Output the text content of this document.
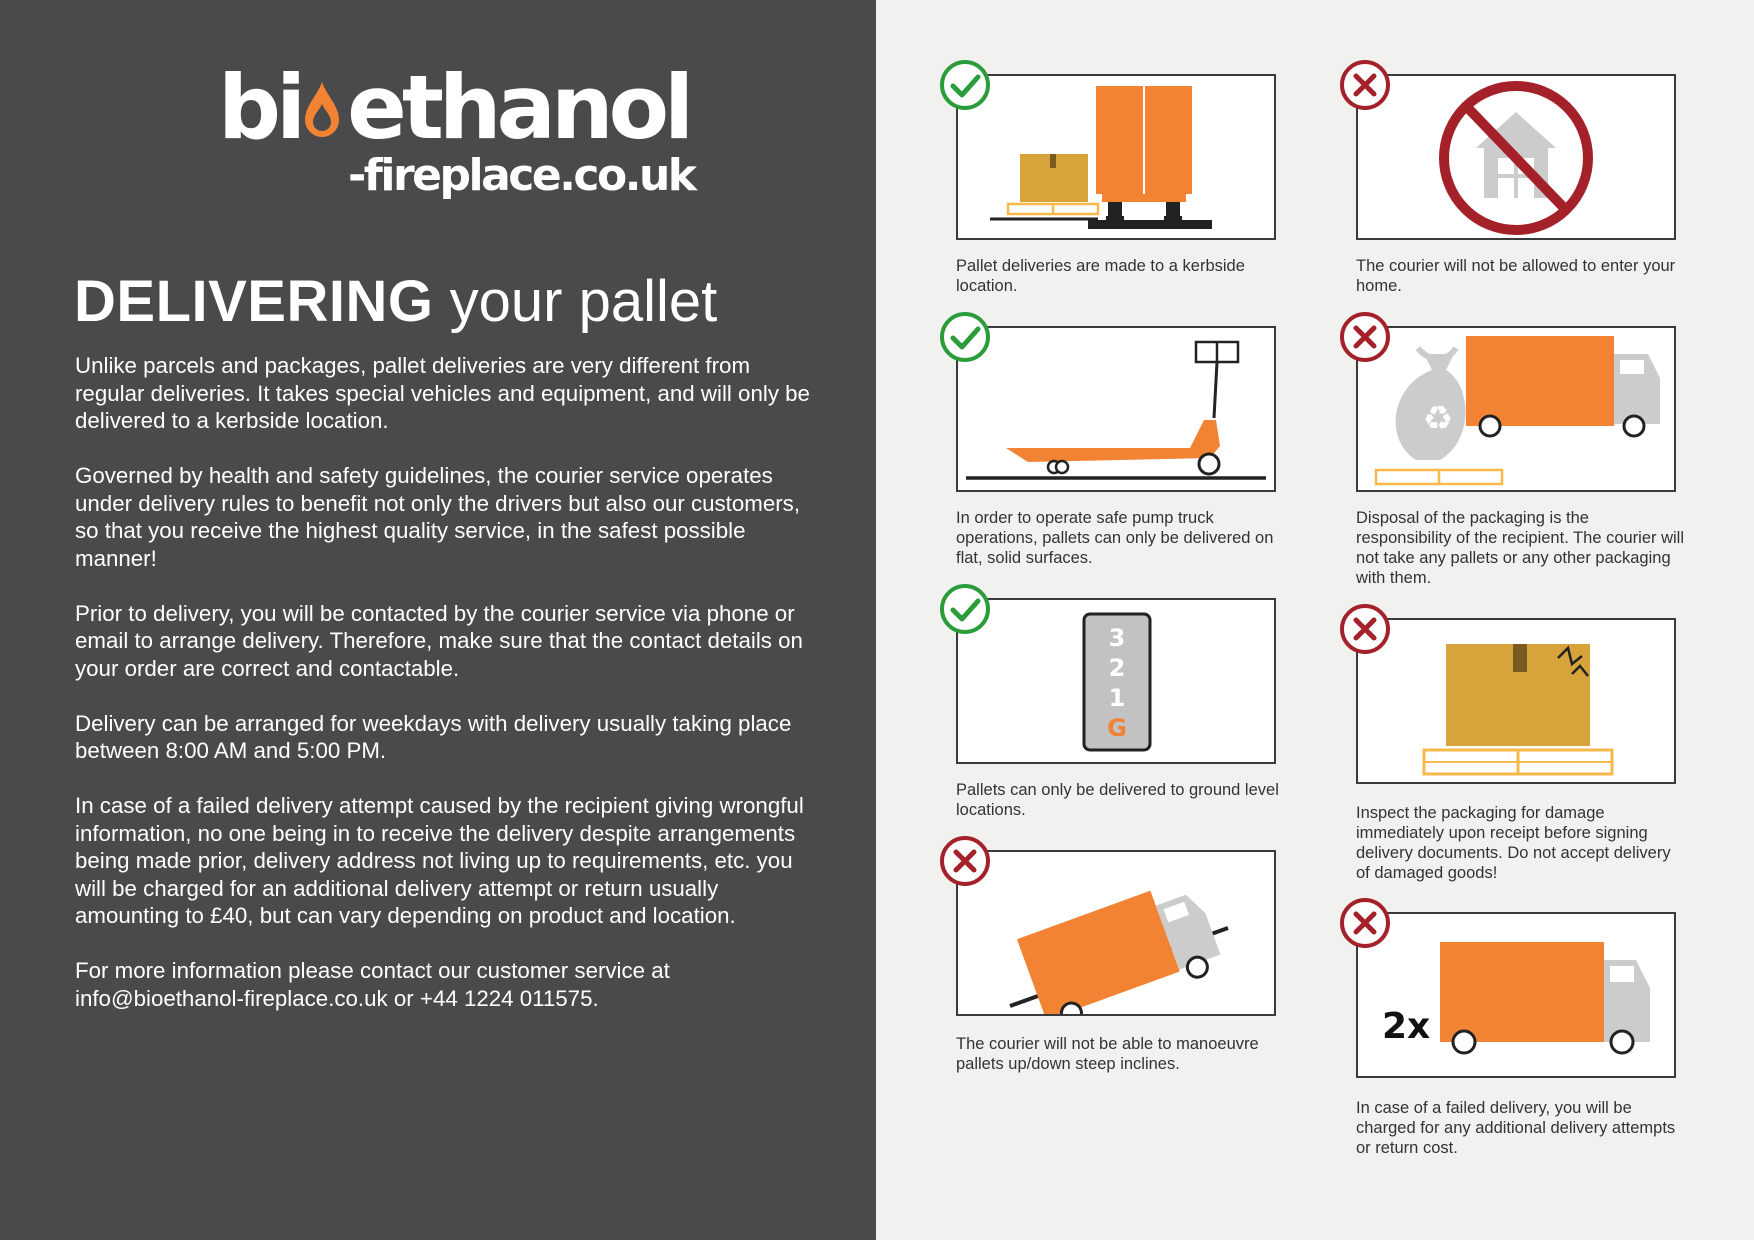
bi ethanol
-fireplace.co.uk
DELIVERING your pallet

Unlike parcels and packages, pallet deliveries are very different from regular deliveries. It takes special vehicles and equipment, and will only be delivered to a kerbside location.

Governed by health and safety guidelines, the courier service operates under delivery rules to benefit not only the drivers but also our customers, so that you receive the highest quality service, in the safest possible manner!

Prior to delivery, you will be contacted by the courier service via phone or email to arrange delivery. Therefore, make sure that the contact details on your order are correct and contactable.

Delivery can be arranged for weekdays with delivery usually taking place between 8:00 AM and 5:00 PM.

In case of a failed delivery attempt caused by the recipient giving wrongful information, no one being in to receive the delivery despite arrangements being made prior, delivery address not living up to requirements, etc. you will be charged for an additional delivery attempt or return usually amounting to £40, but can vary depending on product and location.

For more information please contact our customer service at info@bioethanol-fireplace.co.uk or +44 1224 011575.

Pallet deliveries are made to a kerbside location.
The courier will not be allowed to enter your home.
In order to operate safe pump truck operations, pallets can only be delivered on flat, solid surfaces.
♻
Disposal of the packaging is the responsibility of the recipient. The courier will not take any pallets or any other packaging with them.
3
2
1
G
Pallets can only be delivered to ground level locations.	Inspect the packaging for damage immediately upon receipt before signing delivery documents. Do not accept delivery of damaged goods!
The courier will not be able to manoeuvre pallets up/down steep inclines.
2x
In case of a failed delivery, you will be charged for any additional delivery attempts or return cost.
